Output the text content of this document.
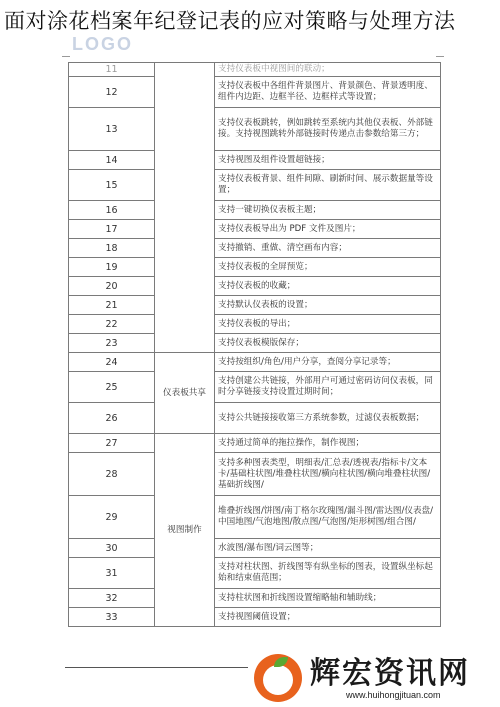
面对涂花档案年纪登记表的应对策略与处理方法
LOGO
11		支持仪表板中视图间的联动；
12		支持仪表板中各组件背景图片、背景颜色、背景透明度、组件内边距、边框半径、边框样式等设置；
13		支持仪表板跳转，例如跳转至系统内其他仪表板、外部链接。支持视图跳转外部链接时传递点击参数给第三方；
14		支持视图及组件设置超链接；
15		支持仪表板背景、组件间隙、刷新时间、展示数据量等设置；
16		支持一键切换仪表板主题；
17		支持仪表板导出为 PDF 文件及图片；
18		支持撤销、重做、清空画布内容；
19		支持仪表板的全屏预览；
20		支持仪表板的收藏；
21		支持默认仪表板的设置；
22		支持仪表板的导出；
23		支持仪表板模版保存；
24	仪表板共享	支持按组织/角色/用户分享，查阅分享记录等；
25		支持创建公共链接，外部用户可通过密码访问仪表板，同时分享链接支持设置过期时间；
26		支持公共链接接收第三方系统参数，过滤仪表板数据；
27	视图制作	支持通过简单的拖拉操作，制作视图；
28		支持多种图表类型，明细表/汇总表/透视表/指标卡/文本卡/基础柱状图/堆叠柱状图/横向柱状图/横向堆叠柱状图/基础折线图/
29		堆叠折线图/饼图/南丁格尔玫瑰图/漏斗图/雷达图/仪表盘/中国地图/气泡地图/散点图/气泡图/矩形树图/组合图/
30		水波图/瀑布图/词云图等；
31		支持对柱状图、折线图等有纵坐标的图表，设置纵坐标起始和结束值范围；
32		支持柱状图和折线图设置缩略轴和辅助线；
33		支持视图阈值设置；
辉宏资讯网
www.huihongjituan.com
